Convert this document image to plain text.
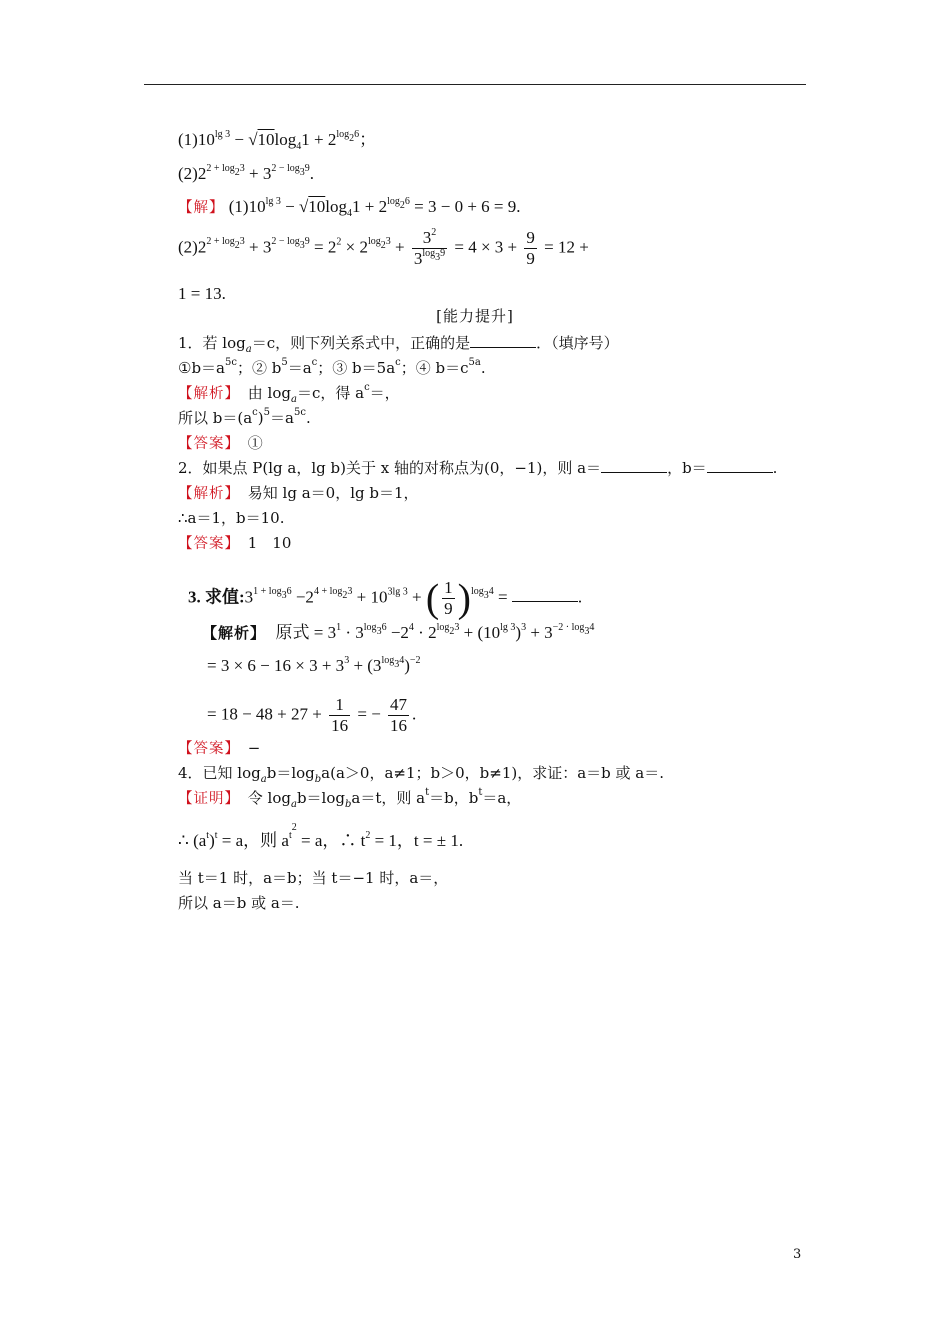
$(1)10^{lg 3} - √10\log_41 + 2^{log_26}$；
$(2)2^{2 + log_23} + 3^{2 - log_39}$.
【解】 $(1)10^{lg 3} - √10\log_41 + 2^{log_26} = 3 - 0 + 6 = 9$.
$(2)2^{2 + log_23} + 3^{2 - log_39} = 2^2 \times 2^{log_23} + \frac{3^2}{3^{log_39}} = 4 \times 3 + \frac{9}{9} = 12$ +
1 = 13.
[能力提升]
1．若 $\log_a=c$，则下列关系式中，正确的是	．（填序号）
$①b=a^{5c}$；② $b^5=a^c$；③ $b=5a^c$；④ $b=c^{5a}$.
【解析】　 由 $\log_a=c$，得 $a^c=$，
所以 $b=(a^c)^5=a^{5c}$.
【答案】　 ①
2．如果点 P(lg a，lg b)关于 x 轴的对称点为(0，−1)，则 a＝	，b＝	.
【解析】　 易知 lg a＝0，lg b＝1，
∴a＝1，b＝10.
【答案】　 1　10
3. 求值$:3^{1 + log_36} -2^{4 + log_23} + 10^{3lg 3}$ + ( $\frac{1}{9} )^{log_34}$ =	.
【解析】　 原式 = $3^1 \cdot 3^{log_36} -2^4 \cdot 2^{log_23} + (10^{lg 3})^3 + 3^{-2 \cdot log_34}$
= $3 \times 6 - 16 \times 3 + 3^3 + (3^{log_34})^{-2}$
= $18 - 48 + 27 + \frac{1}{16}$ = − $\frac{47}{16}$ .
【答案】　 −
4．已知 $\log_ab=\log_ba(a>0$，a≠1；b＞0，b≠1)，求证：a＝b 或 a＝.
【证明】　 令 $\log_ab=\log_ba=t$，则 $a^t=b$，$b^t=a$，
∴ $(a^t)^t = a$，则 $a^{t^2} = a$，∴ $t^2 = 1$，t = ± 1.
当 t＝1 时，a＝b；当 t＝−1 时，a＝，
所以 a＝b 或 a＝.
3
